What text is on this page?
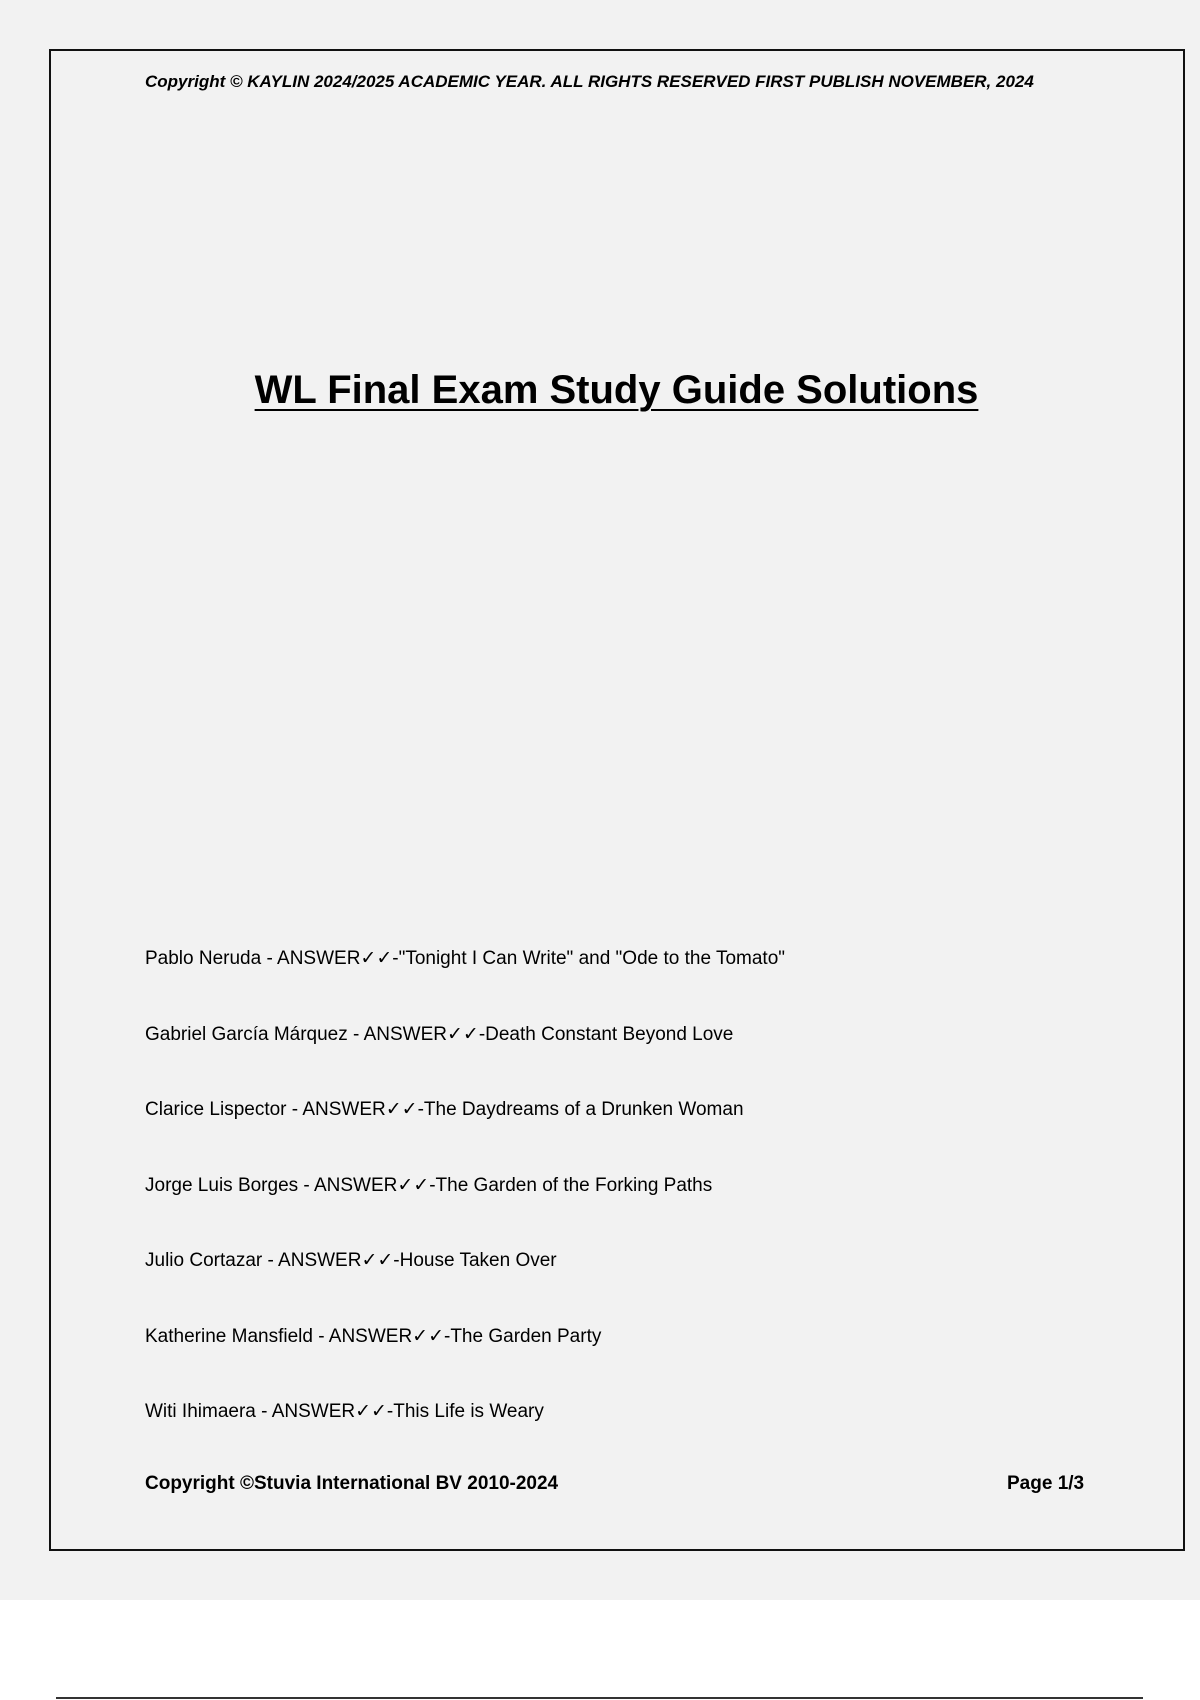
Copyright © KAYLIN 2024/2025 ACADEMIC YEAR. ALL RIGHTS RESERVED FIRST PUBLISH NOVEMBER, 2024
WL Final Exam Study Guide Solutions
Pablo Neruda - ANSWER✓✓-"Tonight I Can Write" and "Ode to the Tomato"
Gabriel García Márquez - ANSWER✓✓-Death Constant Beyond Love
Clarice Lispector - ANSWER✓✓-The Daydreams of a Drunken Woman
Jorge Luis Borges - ANSWER✓✓-The Garden of the Forking Paths
Julio Cortazar - ANSWER✓✓-House Taken Over
Katherine Mansfield - ANSWER✓✓-The Garden Party
Witi Ihimaera - ANSWER✓✓-This Life is Weary
Copyright ©Stuvia International BV 2010-2024	Page 1/3
